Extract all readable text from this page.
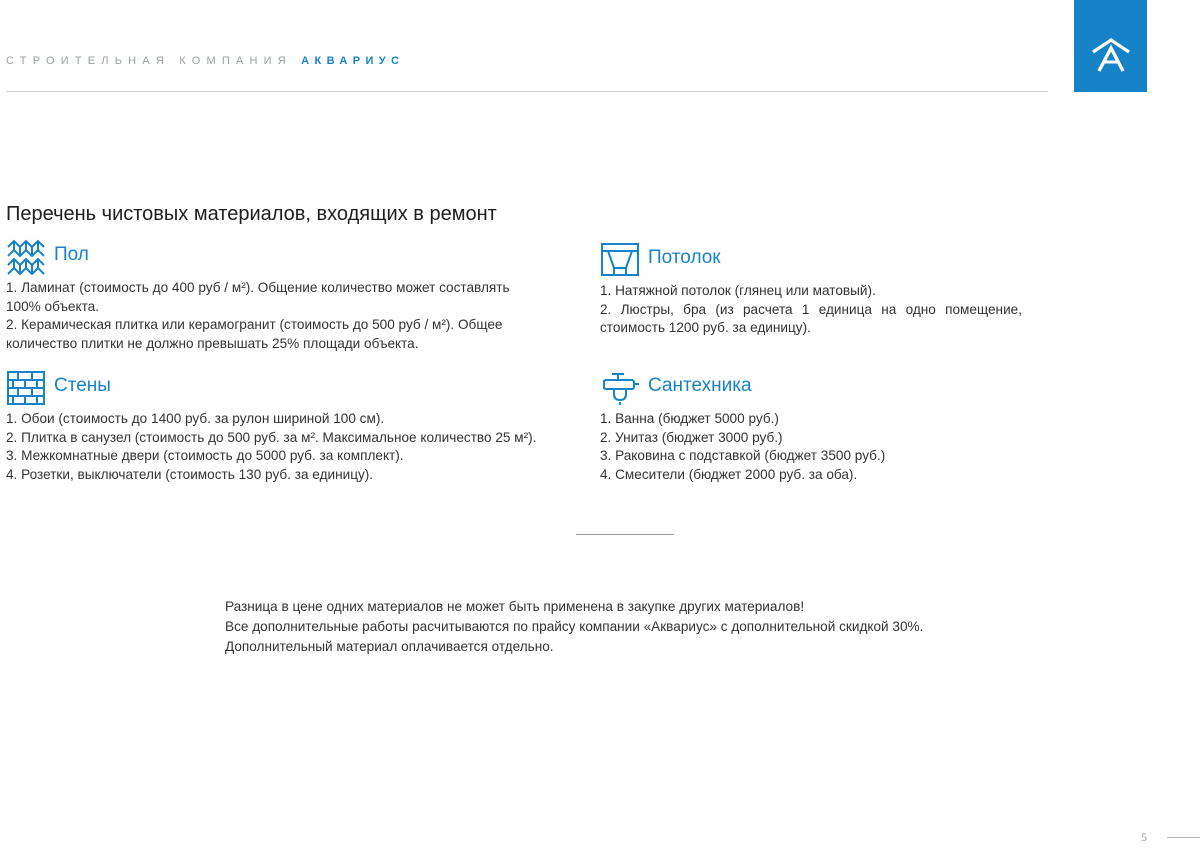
СТРОИТЕЛЬНАЯ КОМПАНИЯ АКВАРИУС
Перечень чистовых материалов, входящих в ремонт
Пол
1. Ламинат (стоимость до 400 руб / м²). Общение количество может составлять 100% объекта.
2. Керамическая плитка или керамогранит (стоимость до 500 руб / м²). Общее количество плитки не должно превышать 25% площади объекта.
Стены
1. Обои (стоимость до 1400 руб. за рулон шириной 100 см).
2. Плитка в санузел (стоимость до 500 руб. за м². Максимальное количество 25 м²).
3. Межкомнатные двери (стоимость до 5000 руб. за комплект).
4. Розетки, выключатели (стоимость 130 руб. за единицу).
Потолок
1. Натяжной потолок (глянец или матовый).
2. Люстры, бра (из расчета 1 единица на одно помещение, стоимость 1200 руб. за единицу).
Сантехника
1. Ванна (бюджет 5000 руб.)
2. Унитаз (бюджет 3000 руб.)
3. Раковина с подставкой (бюджет 3500 руб.)
4. Смесители (бюджет 2000 руб. за оба).

Разница в цене одних материалов не может быть применена в закупке других материалов!

Все дополнительные работы расчитываются по прайсу компании «Аквариус» с дополнительной скидкой 30%.

Дополнительный материал оплачивается отдельно.

5
